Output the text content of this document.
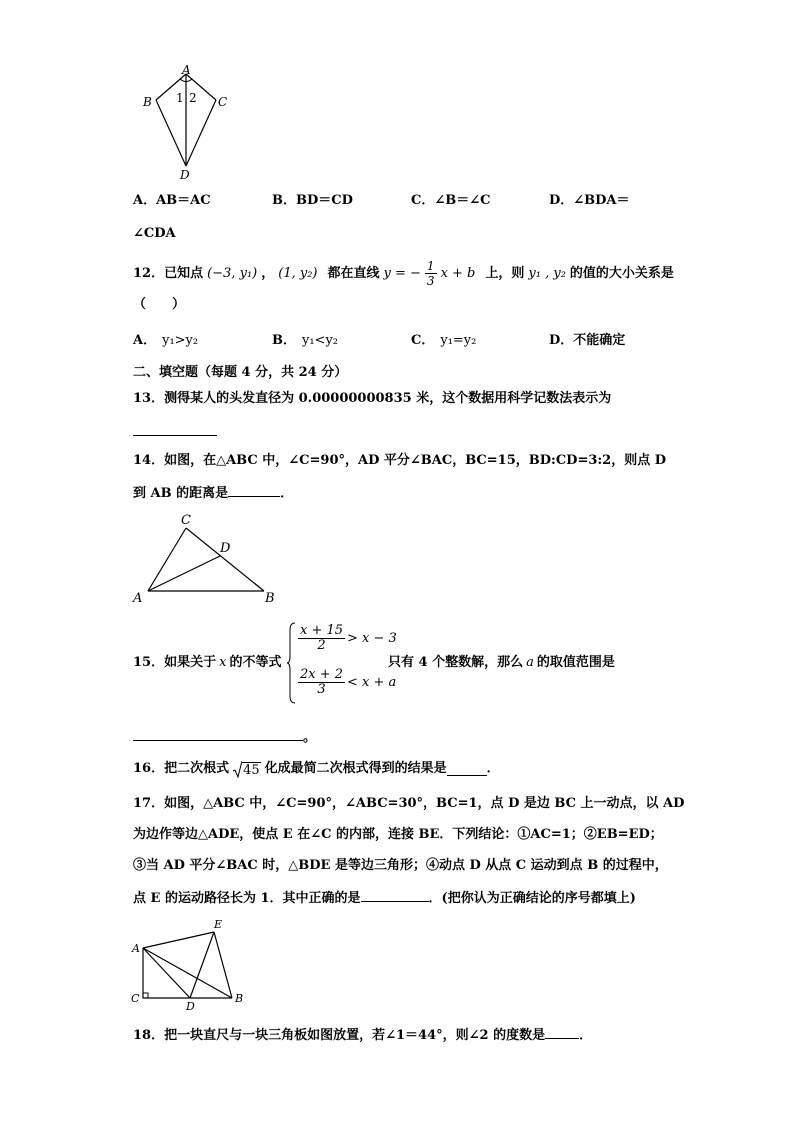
A
B	C
D
1 2
A．AB＝AC	B．BD＝CD	C．∠B＝∠C	D．∠BDA＝
∠CDA
12．已知点 (−3, y₁) ， (1, y₂) 都在直线 y = − $\frac{1}{3}$ x + b 上，则 y₁ , y₂ 的值的大小关系是
（　　）
A． y₁>y₂	B． y₁<y₂	C． y₁=y₂	D．不能确定
二、填空题（每题 4 分，共 24 分）
13．测得某人的头发直径为 0.00000000835 米，这个数据用科学记数法表示为
14．如图，在△ABC 中，∠C=90°，AD 平分∠BAC，BC=15，BD:CD=3:2，则点 D
到 AB 的距离是	．
C
D
A	B
15．如果关于 x 的不等式
$\frac{x + 15}{2} > x - 3$
$\frac{2x + 2}{3} < x + a$
只有 4 个整数解，那么 a 的取值范围是
。
16．把二次根式 45 化成最简二次根式得到的结果是	．
17．如图，△ABC 中，∠C=90°，∠ABC=30°，BC=1，点 D 是边 BC 上一动点，以 AD
为边作等边△ADE，使点 E 在∠C 的内部，连接 BE．下列结论：①AC=1；②EB=ED；
③当 AD 平分∠BAC 时，△BDE 是等边三角形；④动点 D 从点 C 运动到点 B 的过程中，
点 E 的运动路径长为 1．其中正确的是	．(把你认为正确结论的序号都填上)
A
E
C
D
B
18．把一块直尺与一块三角板如图放置，若∠1＝44°，则∠2 的度数是	．
